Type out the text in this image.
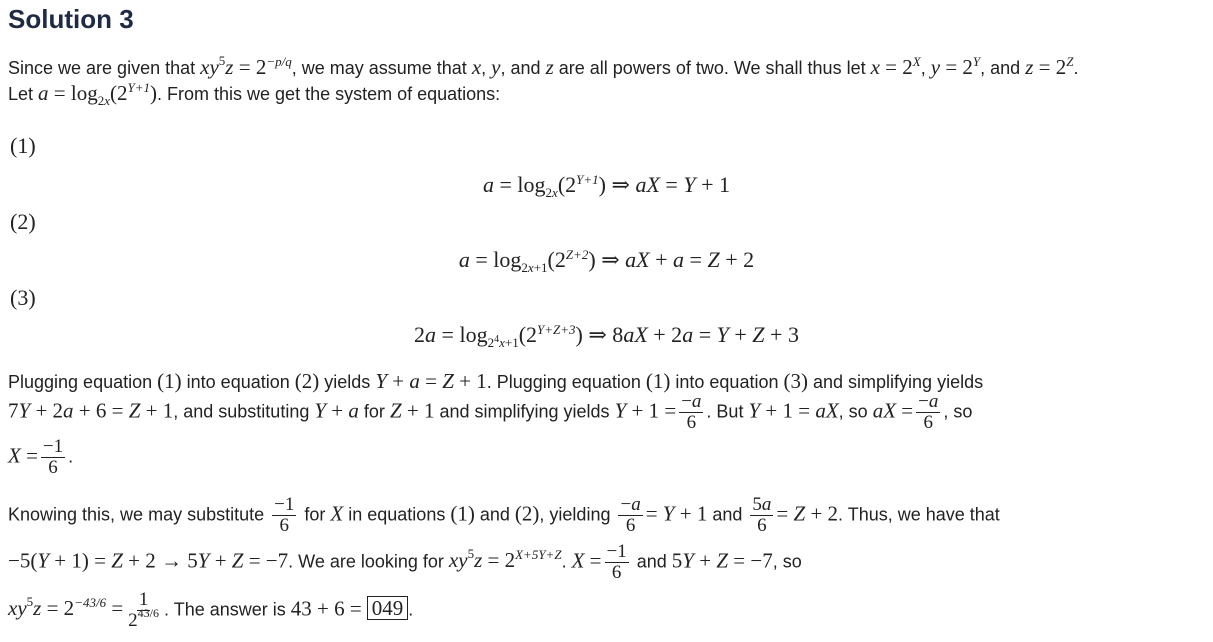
Solution 3
Since we are given that $xy^5z = 2^{-p/q}$, we may assume that x, y, and z are all powers of two. We shall thus let $x = 2^X$, $y = 2^Y$, and $z = 2^Z$.
Let $a = \log_{2x}(2^{Y+1})$. From this we get the system of equations:
(1)
$a = \log_{2x}(2^{Y+1})$ ⇒ aX = Y + 1
(2)
$a = \log_{2x+1}(2^{Z+2})$ ⇒ aX + a = Z + 2
(3)
$2a = \log_{2^4x+1}(2^{Y+Z+3})$ ⇒ 8aX + 2a = Y + Z + 3
Plugging equation (1) into equation (2) yields Y + a = Z + 1. Plugging equation (1) into equation (3) and simplifying yields
7Y + 2a + 6 = Z + 1, and substituting Y + a for Z + 1 and simplifying yields $Y + 1 = \frac{-a}{6}$ . But Y + 1 = aX, so aX = $\frac{-a}{6}$ , so
$X = \frac{-1}{6}$ .
Knowing this, we may substitute $\frac{-1}{6}$ for X in equations (1) and (2), yielding $\frac{-a}{6} = Y + 1$ and $\frac{5a}{6} = Z + 2$. Thus, we have that
−5(Y + 1) = Z + 2 → 5Y + Z = −7. We are looking for $xy^5z = 2^{X+5Y+Z}$. $X = \frac{-1}{6}$ and 5Y + Z = −7, so
$xy^5z = 2^{-43/6} = \frac{1}{2^{43/6}}$ . The answer is 43 + 6 = 049 .
